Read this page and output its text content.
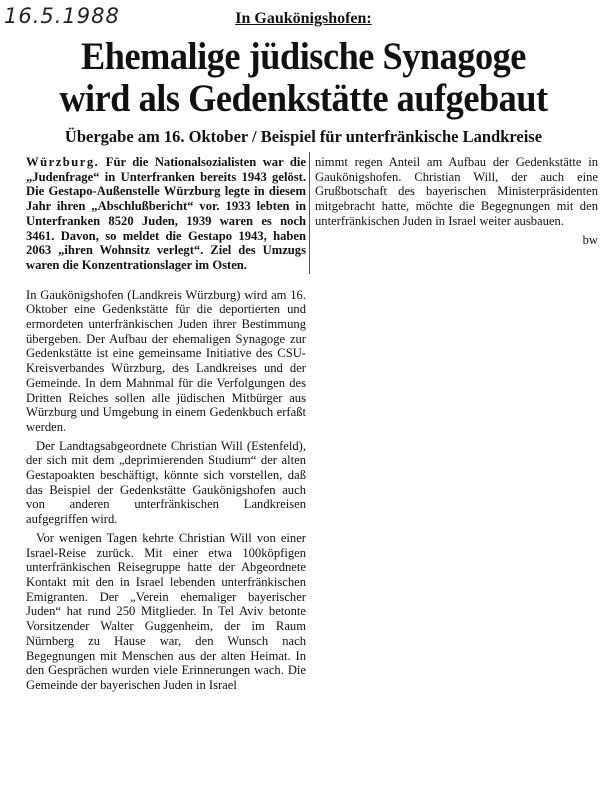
16.5.1988	In Gaukönigshofen:
Ehemalige jüdische Synagoge
wird als Gedenkstätte aufgebaut
Übergabe am 16. Oktober / Beispiel für unterfränkische Landkreise
Würzburg. Für die Nationalsozialisten war die „Judenfrage“ in Unterfranken bereits 1943 gelöst. Die Gestapo-Außenstelle Würzburg legte in diesem Jahr ihren „Abschlußbericht“ vor. 1933 lebten in Unterfranken 8520 Juden, 1939 waren es noch 3461. Davon, so meldet die Gestapo 1943, haben 2063 „ihren Wohnsitz verlegt“. Ziel des Umzugs waren die Konzentrationslager im Osten.

In Gaukönigshofen (Landkreis Würzburg) wird am 16. Oktober eine Gedenkstätte für die deportierten und ermordeten unterfränkischen Juden ihrer Bestimmung übergeben. Der Aufbau der ehemaligen Synagoge zur Gedenkstätte ist eine gemeinsame Initiative des CSU-Kreisverbandes Würzburg, des Landkreises und der Gemeinde. In dem Mahnmal für die Verfolgungen des Dritten Reiches sollen alle jüdischen Mitbürger aus Würzburg und Umgebung in einem Gedenkbuch erfaßt werden.

Der Landtagsabgeordnete Christian Will (Estenfeld), der sich mit dem „deprimierenden Studium“ der alten Gestapoakten beschäftigt, könnte sich vorstellen, daß das Beispiel der Gedenkstätte Gaukönigshofen auch von anderen unterfränkischen Landkreisen aufgegriffen wird.

Vor wenigen Tagen kehrte Christian Will von einer Israel-Reise zurück. Mit einer etwa 100köpfigen unterfränkischen Reisegruppe hatte der Abgeordnete Kontakt mit den in Israel lebenden unterfränkischen Emigranten. Der „Verein ehemaliger bayerischer Juden“ hat rund 250 Mitglieder. In Tel Aviv betonte Vorsitzender Walter Guggenheim, der im Raum Nürnberg zu Hause war, den Wunsch nach Begegnungen mit Menschen aus der alten Heimat. In den Gesprächen wurden viele Erinnerungen wach. Die Gemeinde der bayerischen Juden in Israel

nimmt regen Anteil am Aufbau der Gedenkstätte in Gaukönigshofen. Christian Will, der auch eine Grußbotschaft des bayerischen Ministerpräsidenten mitgebracht hatte, möchte die Begegnungen mit den unterfränkischen Juden in Israel weiter ausbauen.

bw
